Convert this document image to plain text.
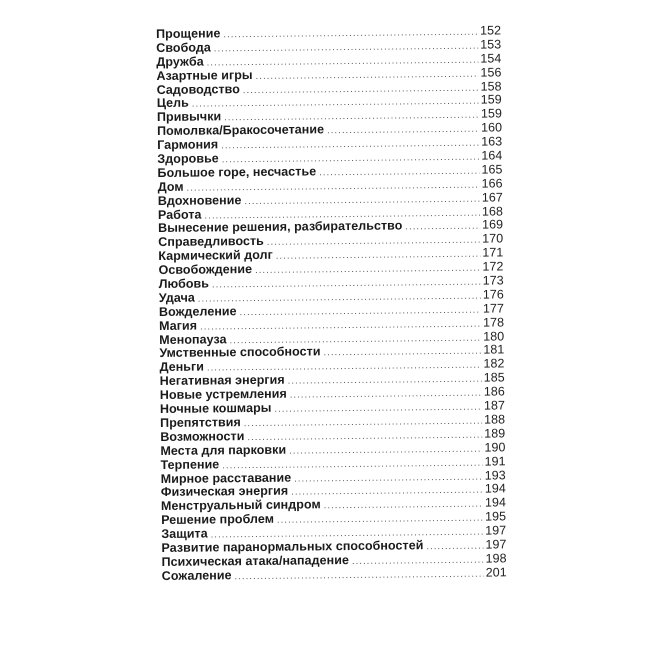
Прощение .....	152
Свобода .....	153
Дружба .....	154
Азартные игры .....	156
Садоводство .....	158
Цель .....	159
Привычки .....	159
Помолвка/Бракосочетание .....	160
Гармония .....	163
Здоровье .....	164
Большое горе, несчастье .....	165
Дом .....	166
Вдохновение .....	167
Работа .....	168
Вынесение решения, разбирательство .....	169
Справедливость .....	170
Кармический долг .....	171
Освобождение .....	172
Любовь .....	173
Удача .....	176
Вожделение .....	177
Магия .....	178
Менопауза .....	180
Умственные способности .....	181
Деньги .....	182
Негативная энергия .....	185
Новые устремления .....	186
Ночные кошмары .....	187
Препятствия .....	188
Возможности .....	189
Места для парковки .....	190
Терпение .....	191
Мирное расставание .....	193
Физическая энергия .....	194
Менструальный синдром .....	194
Решение проблем .....	195
Защита .....	197
Развитие паранормальных способностей .....	197
Психическая атака/нападение .....	198
Сожаление .....	201
